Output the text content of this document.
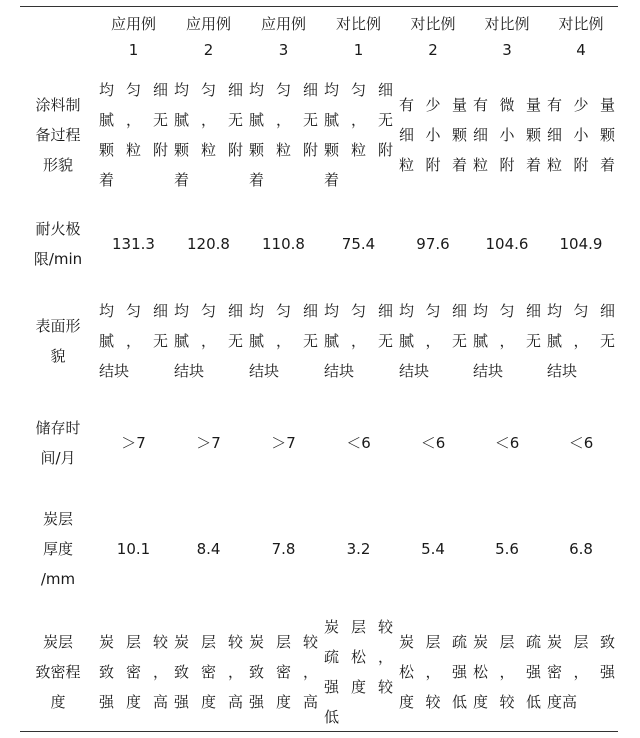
	应用例
1	应用例
2	应用例
3	对比例
1	对比例
2	对比例
3	对比例
4

涂料制
备过程
形貌	均匀细
腻，无
颗粒附
着	均匀细
腻，无
颗粒附
着	均匀细
腻，无
颗粒附
着	均匀细
腻，无
颗粒附
着	有少量
细小颗
粒附着	有微量
细小颗
粒附着	有少量
细小颗
粒附着

耐火极
限/min	131.3	120.8	110.8	75.4	97.6	104.6	104.9

表面形
貌	均匀细
腻，无
结块	均匀细
腻，无
结块	均匀细
腻，无
结块	均匀细
腻，无
结块	均匀细
腻，无
结块	均匀细
腻，无
结块	均匀细
腻，无
结块

储存时
间/月	＞7	＞7	＞7	＜6	＜6	＜6	＜6

炭层
厚度
/mm	10.1	8.4	7.8	3.2	5.4	5.6	6.8

炭层
致密程
度	炭层较
致密，
强度高	炭层较
致密，
强度高	炭层较
致密，
强度高	炭层较
疏松，
强度较
低	炭层疏
松，强
度较低	炭层疏
松，强
度较低	炭层致
密，强
度高
